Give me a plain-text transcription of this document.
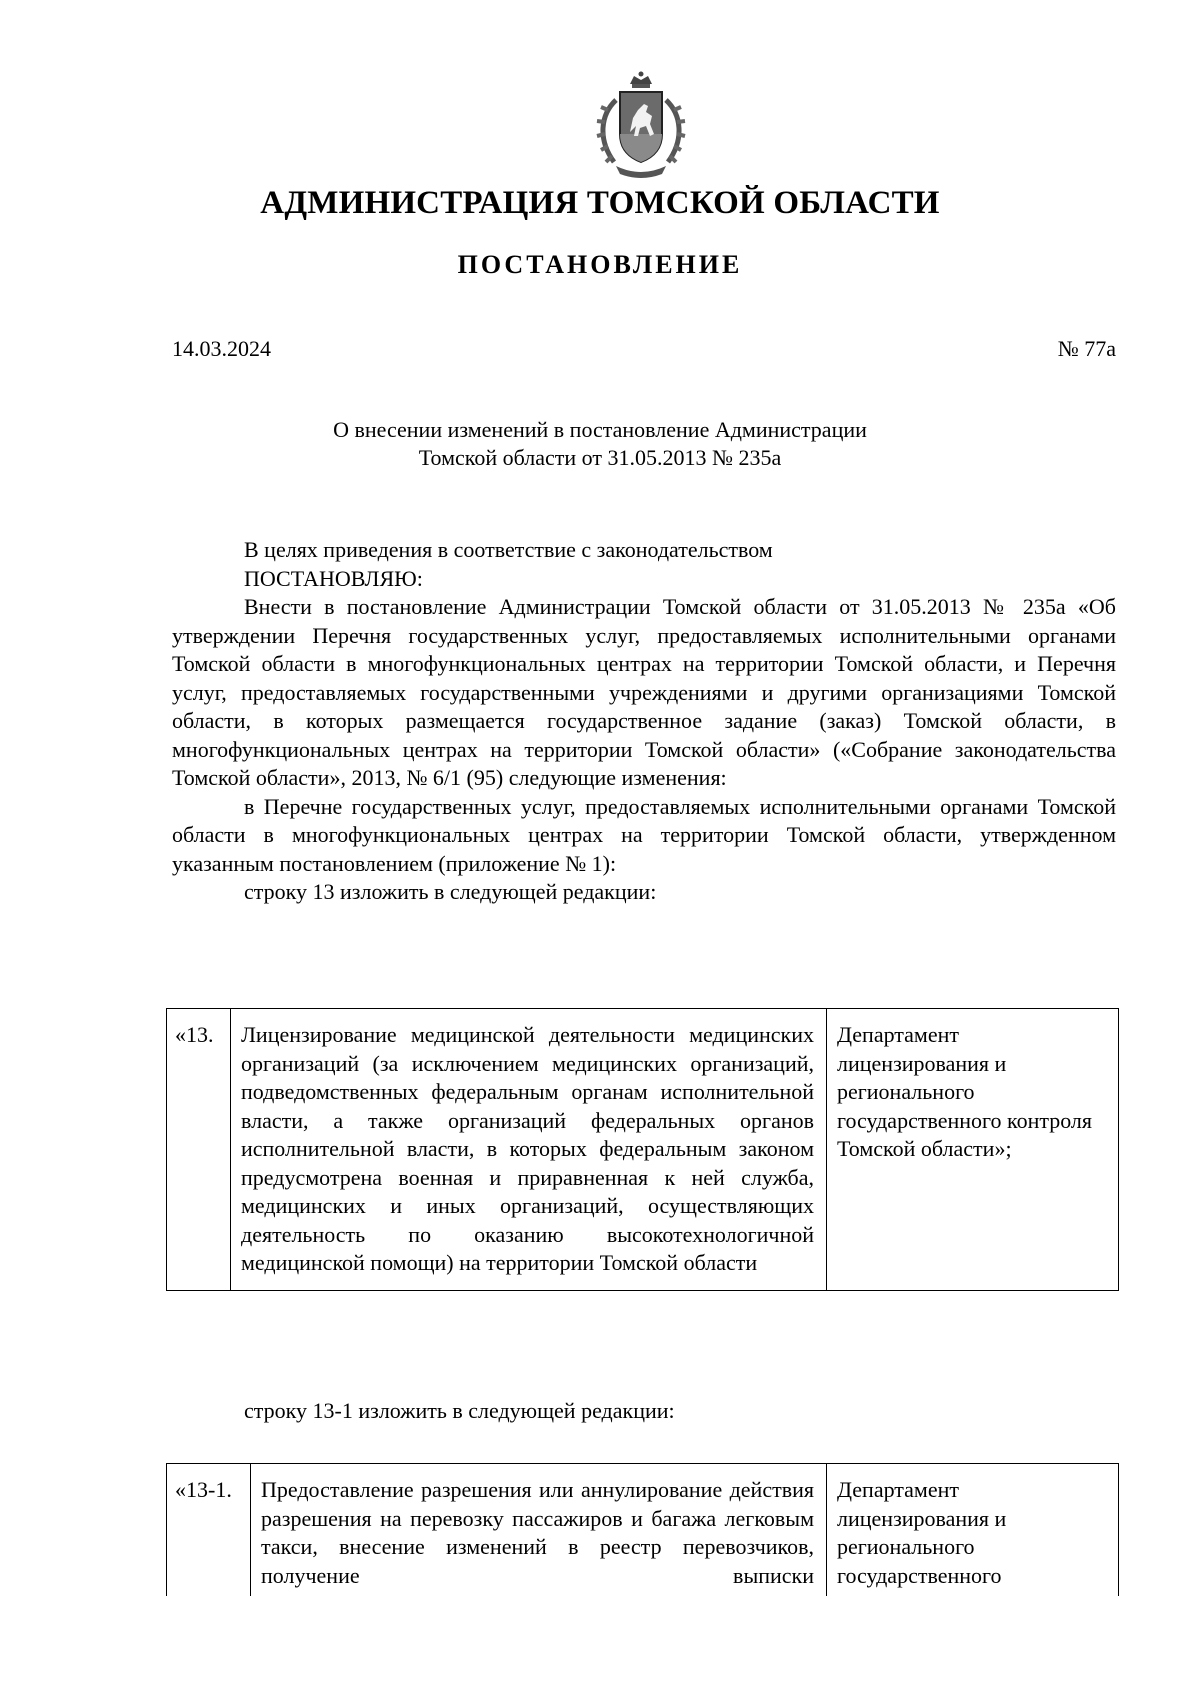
АДМИНИСТРАЦИЯ ТОМСКОЙ ОБЛАСТИ
ПОСТАНОВЛЕНИЕ
14.03.2024	№ 77а
О внесении изменений в постановление Администрации
Томской области от 31.05.2013 № 235а

В целях приведения в соответствие с законодательством

ПОСТАНОВЛЯЮ:

Внести в постановление Администрации Томской области от 31.05.2013 № 235а «Об утверждении Перечня государственных услуг, предоставляемых исполнительными органами Томской области в многофункциональных центрах на территории Томской области, и Перечня услуг, предоставляемых государственными учреждениями и другими организациями Томской области, в которых размещается государственное задание (заказ) Томской области, в многофункциональных центрах на территории Томской области» («Собрание законодательства Томской области», 2013, № 6/1 (95) следующие изменения:

в Перечне государственных услуг, предоставляемых исполнительными органами Томской области в многофункциональных центрах на территории Томской области, утвержденном указанным постановлением (приложение № 1):

строку 13 изложить в следующей редакции:

«13.	Лицензирование медицинской деятельности медицинских организаций (за исключением медицинских организаций, подведомственных федеральным органам исполнительной власти, а также организаций федеральных органов исполнительной власти, в которых федеральным законом предусмотрена военная и приравненная к ней служба, медицинских и иных организаций, осуществляющих деятельность по оказанию высокотехнологичной медицинской помощи) на территории Томской области	Департамент лицензирования и регионального государственного контроля Томской области»;
строку 13-1 изложить в следующей редакции:
«13-1.	Предоставление разрешения или аннулирование действия разрешения на перевозку пассажиров и багажа легковым такси, внесение изменений в реестр перевозчиков, получение выписки	Департамент лицензирования и регионального государственного
